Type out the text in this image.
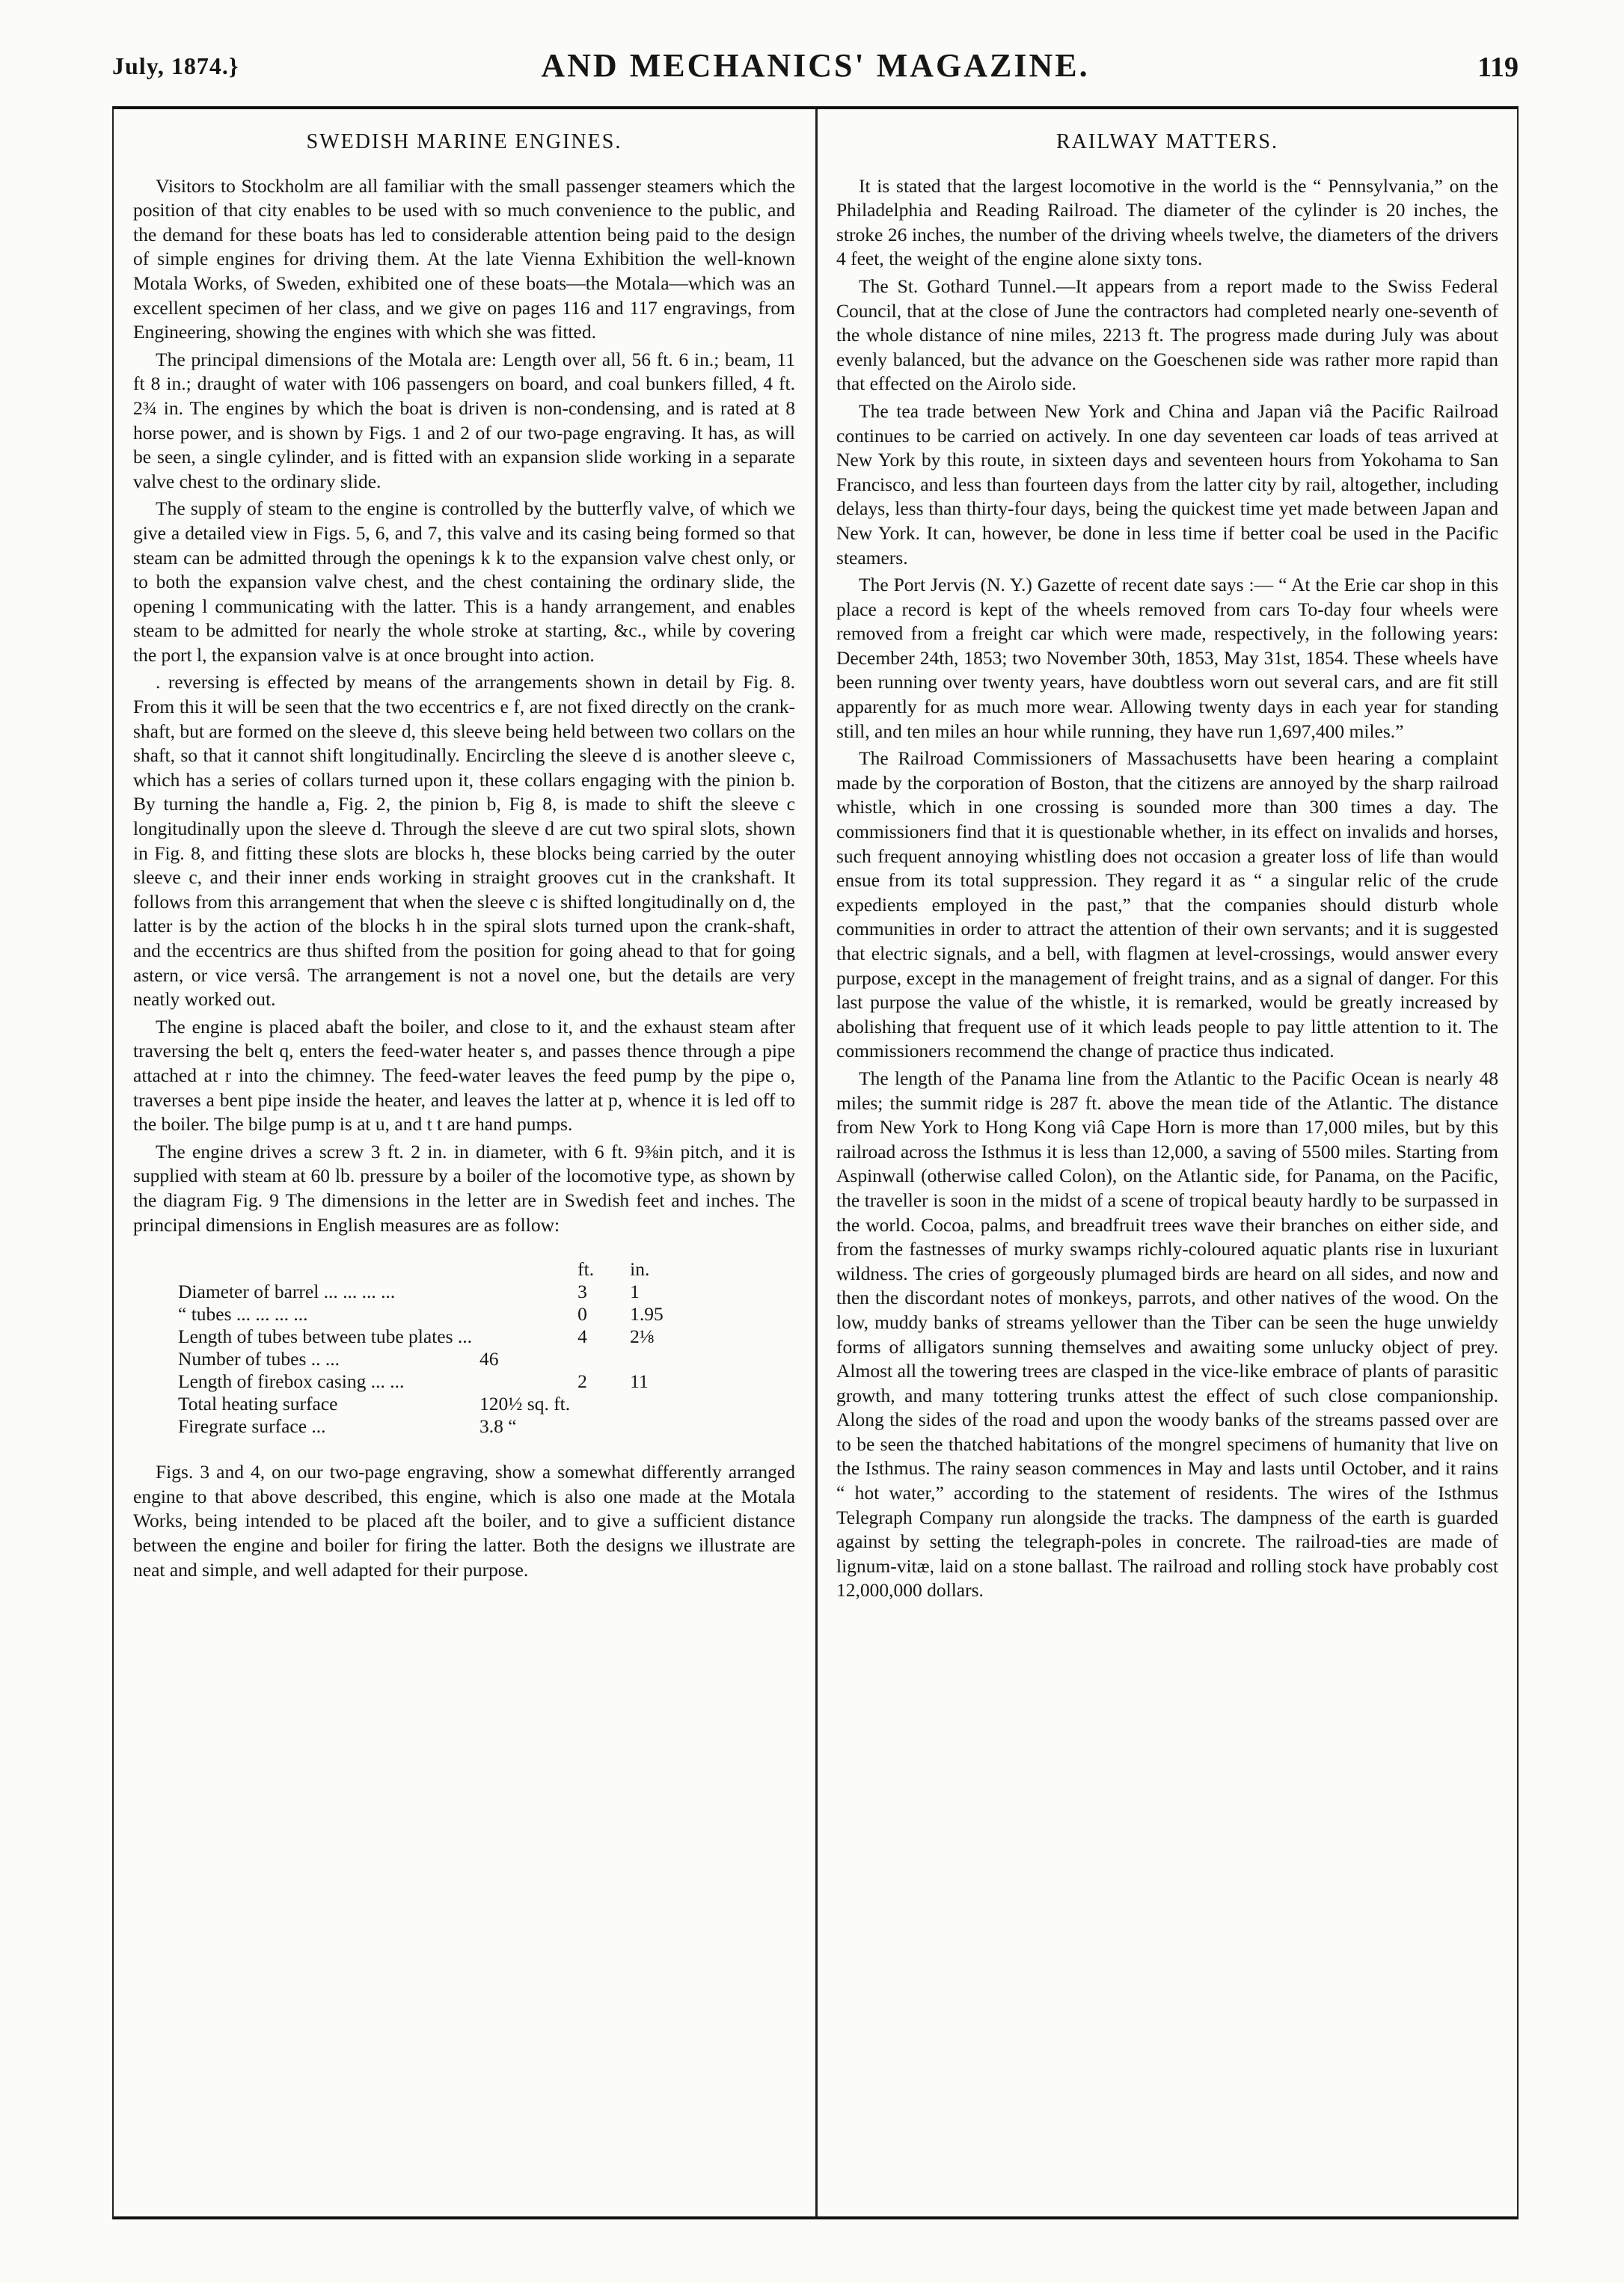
July, 1874.}	AND MECHANICS' MAGAZINE.	119
SWEDISH MARINE ENGINES.

Visitors to Stockholm are all familiar with the small passenger steamers which the position of that city enables to be used with so much convenience to the public, and the demand for these boats has led to considerable attention being paid to the design of simple engines for driving them. At the late Vienna Exhibition the well-known Motala Works, of Sweden, exhibited one of these boats—the Motala—which was an excellent specimen of her class, and we give on pages 116 and 117 engravings, from Engineering, showing the engines with which she was fitted.

The principal dimensions of the Motala are: Length over all, 56 ft. 6 in.; beam, 11 ft 8 in.; draught of water with 106 passengers on board, and coal bunkers filled, 4 ft. 2¾ in. The engines by which the boat is driven is non-condensing, and is rated at 8 horse power, and is shown by Figs. 1 and 2 of our two-page engraving. It has, as will be seen, a single cylinder, and is fitted with an expansion slide working in a separate valve chest to the ordinary slide.

The supply of steam to the engine is controlled by the butterfly valve, of which we give a detailed view in Figs. 5, 6, and 7, this valve and its casing being formed so that steam can be admitted through the openings k k to the expansion valve chest only, or to both the expansion valve chest, and the chest containing the ordinary slide, the opening l communicating with the latter. This is a handy arrangement, and enables steam to be admitted for nearly the whole stroke at starting, &c., while by covering the port l, the expansion valve is at once brought into action.

. reversing is effected by means of the arrangements shown in detail by Fig. 8. From this it will be seen that the two eccentrics e f, are not fixed directly on the crank-shaft, but are formed on the sleeve d, this sleeve being held between two collars on the shaft, so that it cannot shift longitudinally. Encircling the sleeve d is another sleeve c, which has a series of collars turned upon it, these collars engaging with the pinion b. By turning the handle a, Fig. 2, the pinion b, Fig 8, is made to shift the sleeve c longitudinally upon the sleeve d. Through the sleeve d are cut two spiral slots, shown in Fig. 8, and fitting these slots are blocks h, these blocks being carried by the outer sleeve c, and their inner ends working in straight grooves cut in the crankshaft. It follows from this arrangement that when the sleeve c is shifted longitudinally on d, the latter is by the action of the blocks h in the spiral slots turned upon the crank-shaft, and the eccentrics are thus shifted from the position for going ahead to that for going astern, or vice versâ. The arrangement is not a novel one, but the details are very neatly worked out.

The engine is placed abaft the boiler, and close to it, and the exhaust steam after traversing the belt q, enters the feed-water heater s, and passes thence through a pipe attached at r into the chimney. The feed-water leaves the feed pump by the pipe o, traverses a bent pipe inside the heater, and leaves the latter at p, whence it is led off to the boiler. The bilge pump is at u, and t t are hand pumps.

The engine drives a screw 3 ft. 2 in. in diameter, with 6 ft. 9⅜in pitch, and it is supplied with steam at 60 lb. pressure by a boiler of the locomotive type, as shown by the diagram Fig. 9 The dimensions in the letter are in Swedish feet and inches. The principal dimensions in English measures are as follow:

		ft.	in.
Diameter of barrel ... ... ... ...		3	1
“ tubes ... ... ... ...		0	1.95
Length of tubes between tube plates ...		4	2⅛
Number of tubes .. ...	46		
Length of firebox casing ... ...		2	11
Total heating surface	120½ sq. ft.		
Firegrate surface ...	3.8 “		

Figs. 3 and 4, on our two-page engraving, show a somewhat differently arranged engine to that above described, this engine, which is also one made at the Motala Works, being intended to be placed aft the boiler, and to give a sufficient distance between the engine and boiler for firing the latter. Both the designs we illustrate are neat and simple, and well adapted for their purpose.

RAILWAY MATTERS.

It is stated that the largest locomotive in the world is the “ Pennsylvania,” on the Philadelphia and Reading Railroad. The diameter of the cylinder is 20 inches, the stroke 26 inches, the number of the driving wheels twelve, the diameters of the drivers 4 feet, the weight of the engine alone sixty tons.

The St. Gothard Tunnel.—It appears from a report made to the Swiss Federal Council, that at the close of June the contractors had completed nearly one-seventh of the whole distance of nine miles, 2213 ft. The progress made during July was about evenly balanced, but the advance on the Goeschenen side was rather more rapid than that effected on the Airolo side.

The tea trade between New York and China and Japan viâ the Pacific Railroad continues to be carried on actively. In one day seventeen car loads of teas arrived at New York by this route, in sixteen days and seventeen hours from Yokohama to San Francisco, and less than fourteen days from the latter city by rail, altogether, including delays, less than thirty-four days, being the quickest time yet made between Japan and New York. It can, however, be done in less time if better coal be used in the Pacific steamers.

The Port Jervis (N. Y.) Gazette of recent date says :— “ At the Erie car shop in this place a record is kept of the wheels removed from cars To-day four wheels were removed from a freight car which were made, respectively, in the following years: December 24th, 1853; two November 30th, 1853, May 31st, 1854. These wheels have been running over twenty years, have doubtless worn out several cars, and are fit still apparently for as much more wear. Allowing twenty days in each year for standing still, and ten miles an hour while running, they have run 1,697,400 miles.”

The Railroad Commissioners of Massachusetts have been hearing a complaint made by the corporation of Boston, that the citizens are annoyed by the sharp railroad whistle, which in one crossing is sounded more than 300 times a day. The commissioners find that it is questionable whether, in its effect on invalids and horses, such frequent annoying whistling does not occasion a greater loss of life than would ensue from its total suppression. They regard it as “ a singular relic of the crude expedients employed in the past,” that the companies should disturb whole communities in order to attract the attention of their own servants; and it is suggested that electric signals, and a bell, with flagmen at level-crossings, would answer every purpose, except in the management of freight trains, and as a signal of danger. For this last purpose the value of the whistle, it is remarked, would be greatly increased by abolishing that frequent use of it which leads people to pay little attention to it. The commissioners recommend the change of practice thus indicated.

The length of the Panama line from the Atlantic to the Pacific Ocean is nearly 48 miles; the summit ridge is 287 ft. above the mean tide of the Atlantic. The distance from New York to Hong Kong viâ Cape Horn is more than 17,000 miles, but by this railroad across the Isthmus it is less than 12,000, a saving of 5500 miles. Starting from Aspinwall (otherwise called Colon), on the Atlantic side, for Panama, on the Pacific, the traveller is soon in the midst of a scene of tropical beauty hardly to be surpassed in the world. Cocoa, palms, and breadfruit trees wave their branches on either side, and from the fastnesses of murky swamps richly-coloured aquatic plants rise in luxuriant wildness. The cries of gorgeously plumaged birds are heard on all sides, and now and then the discordant notes of monkeys, parrots, and other natives of the wood. On the low, muddy banks of streams yellower than the Tiber can be seen the huge unwieldy forms of alligators sunning themselves and awaiting some unlucky object of prey. Almost all the towering trees are clasped in the vice-like embrace of plants of parasitic growth, and many tottering trunks attest the effect of such close companionship. Along the sides of the road and upon the woody banks of the streams passed over are to be seen the thatched habitations of the mongrel specimens of humanity that live on the Isthmus. The rainy season commences in May and lasts until October, and it rains “ hot water,” according to the statement of residents. The wires of the Isthmus Telegraph Company run alongside the tracks. The dampness of the earth is guarded against by setting the telegraph-poles in concrete. The railroad-ties are made of lignum-vitæ, laid on a stone ballast. The railroad and rolling stock have probably cost 12,000,000 dollars.
